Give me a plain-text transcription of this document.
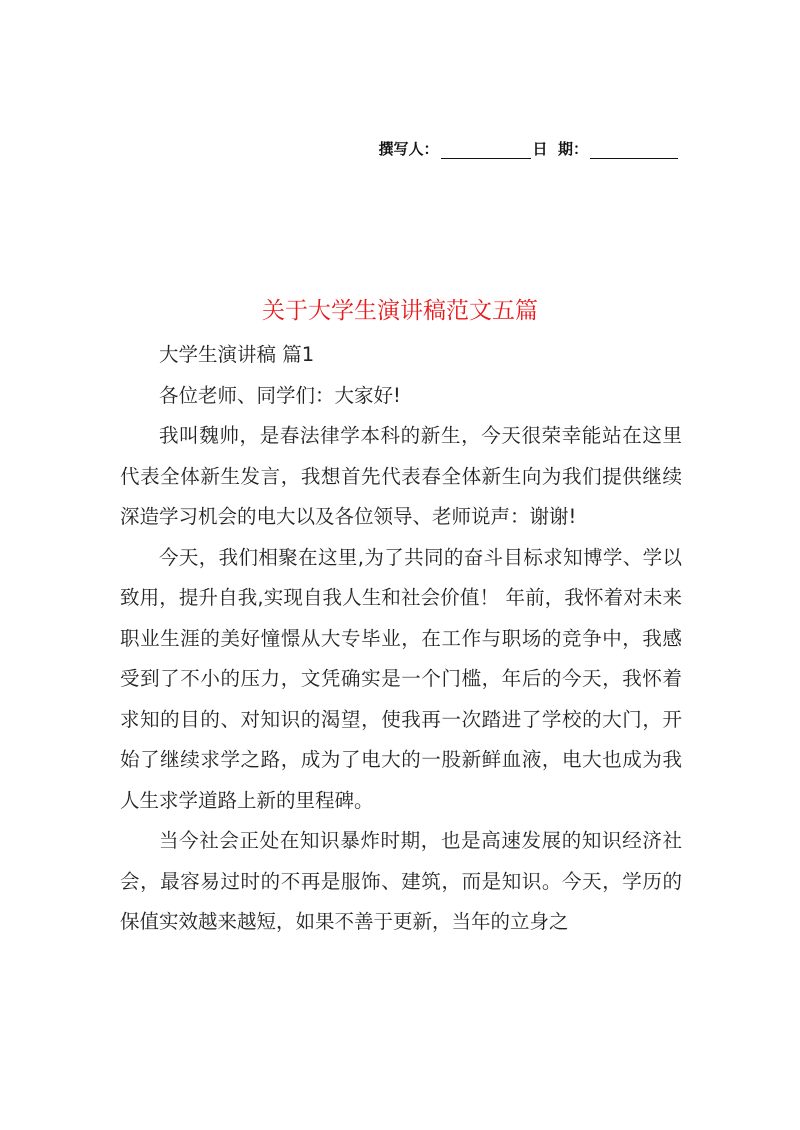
撰写人：	日  期：
关于大学生演讲稿范文五篇

大学生演讲稿 篇1

各位老师、同学们：大家好!

我叫魏帅，是春法律学本科的新生，今天很荣幸能站在这里代表全体新生发言，我想首先代表春全体新生向为我们提供继续深造学习机会的电大以及各位领导、老师说声：谢谢!

今天，我们相聚在这里,为了共同的奋斗目标求知博学、学以致用，提升自我,实现自我人生和社会价值！ 年前，我怀着对未来职业生涯的美好憧憬从大专毕业，在工作与职场的竞争中，我感受到了不小的压力，文凭确实是一个门槛，年后的今天，我怀着求知的目的、对知识的渴望，使我再一次踏进了学校的大门，开始了继续求学之路，成为了电大的一股新鲜血液，电大也成为我人生求学道路上新的里程碑。

当今社会正处在知识暴炸时期，也是高速发展的知识经济社会，最容易过时的不再是服饰、建筑，而是知识。今天，学历的保值实效越来越短，如果不善于更新，当年的立身之
